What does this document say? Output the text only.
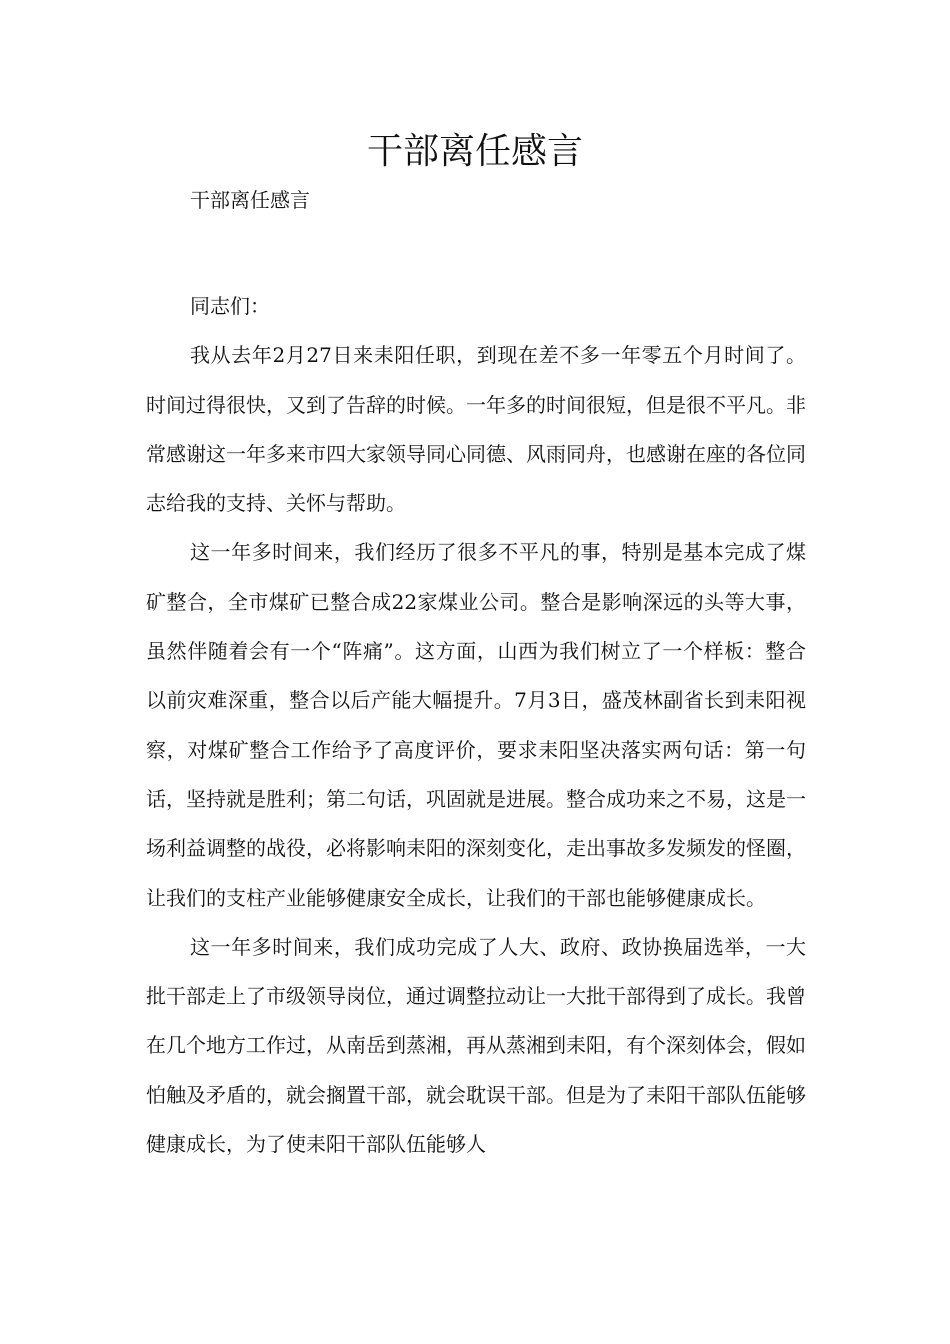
干部离任感言

干部离任感言

同志们：

我从去年2月27日来耒阳任职，到现在差不多一年零五个月时间了。时间过得很快，又到了告辞的时候。一年多的时间很短，但是很不平凡。非常感谢这一年多来市四大家领导同心同德、风雨同舟，也感谢在座的各位同志给我的支持、关怀与帮助。

这一年多时间来，我们经历了很多不平凡的事，特别是基本完成了煤矿整合，全市煤矿已整合成22家煤业公司。整合是影响深远的头等大事，虽然伴随着会有一个“阵痛”。这方面，山西为我们树立了一个样板：整合以前灾难深重，整合以后产能大幅提升。7月3日，盛茂林副省长到耒阳视察，对煤矿整合工作给予了高度评价，要求耒阳坚决落实两句话：第一句话，坚持就是胜利；第二句话，巩固就是进展。整合成功来之不易，这是一场利益调整的战役，必将影响耒阳的深刻变化，走出事故多发频发的怪圈，让我们的支柱产业能够健康安全成长，让我们的干部也能够健康成长。

这一年多时间来，我们成功完成了人大、政府、政协换届选举，一大批干部走上了市级领导岗位，通过调整拉动让一大批干部得到了成长。我曾在几个地方工作过，从南岳到蒸湘，再从蒸湘到耒阳，有个深刻体会，假如怕触及矛盾的，就会搁置干部，就会耽误干部。但是为了耒阳干部队伍能够健康成长，为了使耒阳干部队伍能够人
